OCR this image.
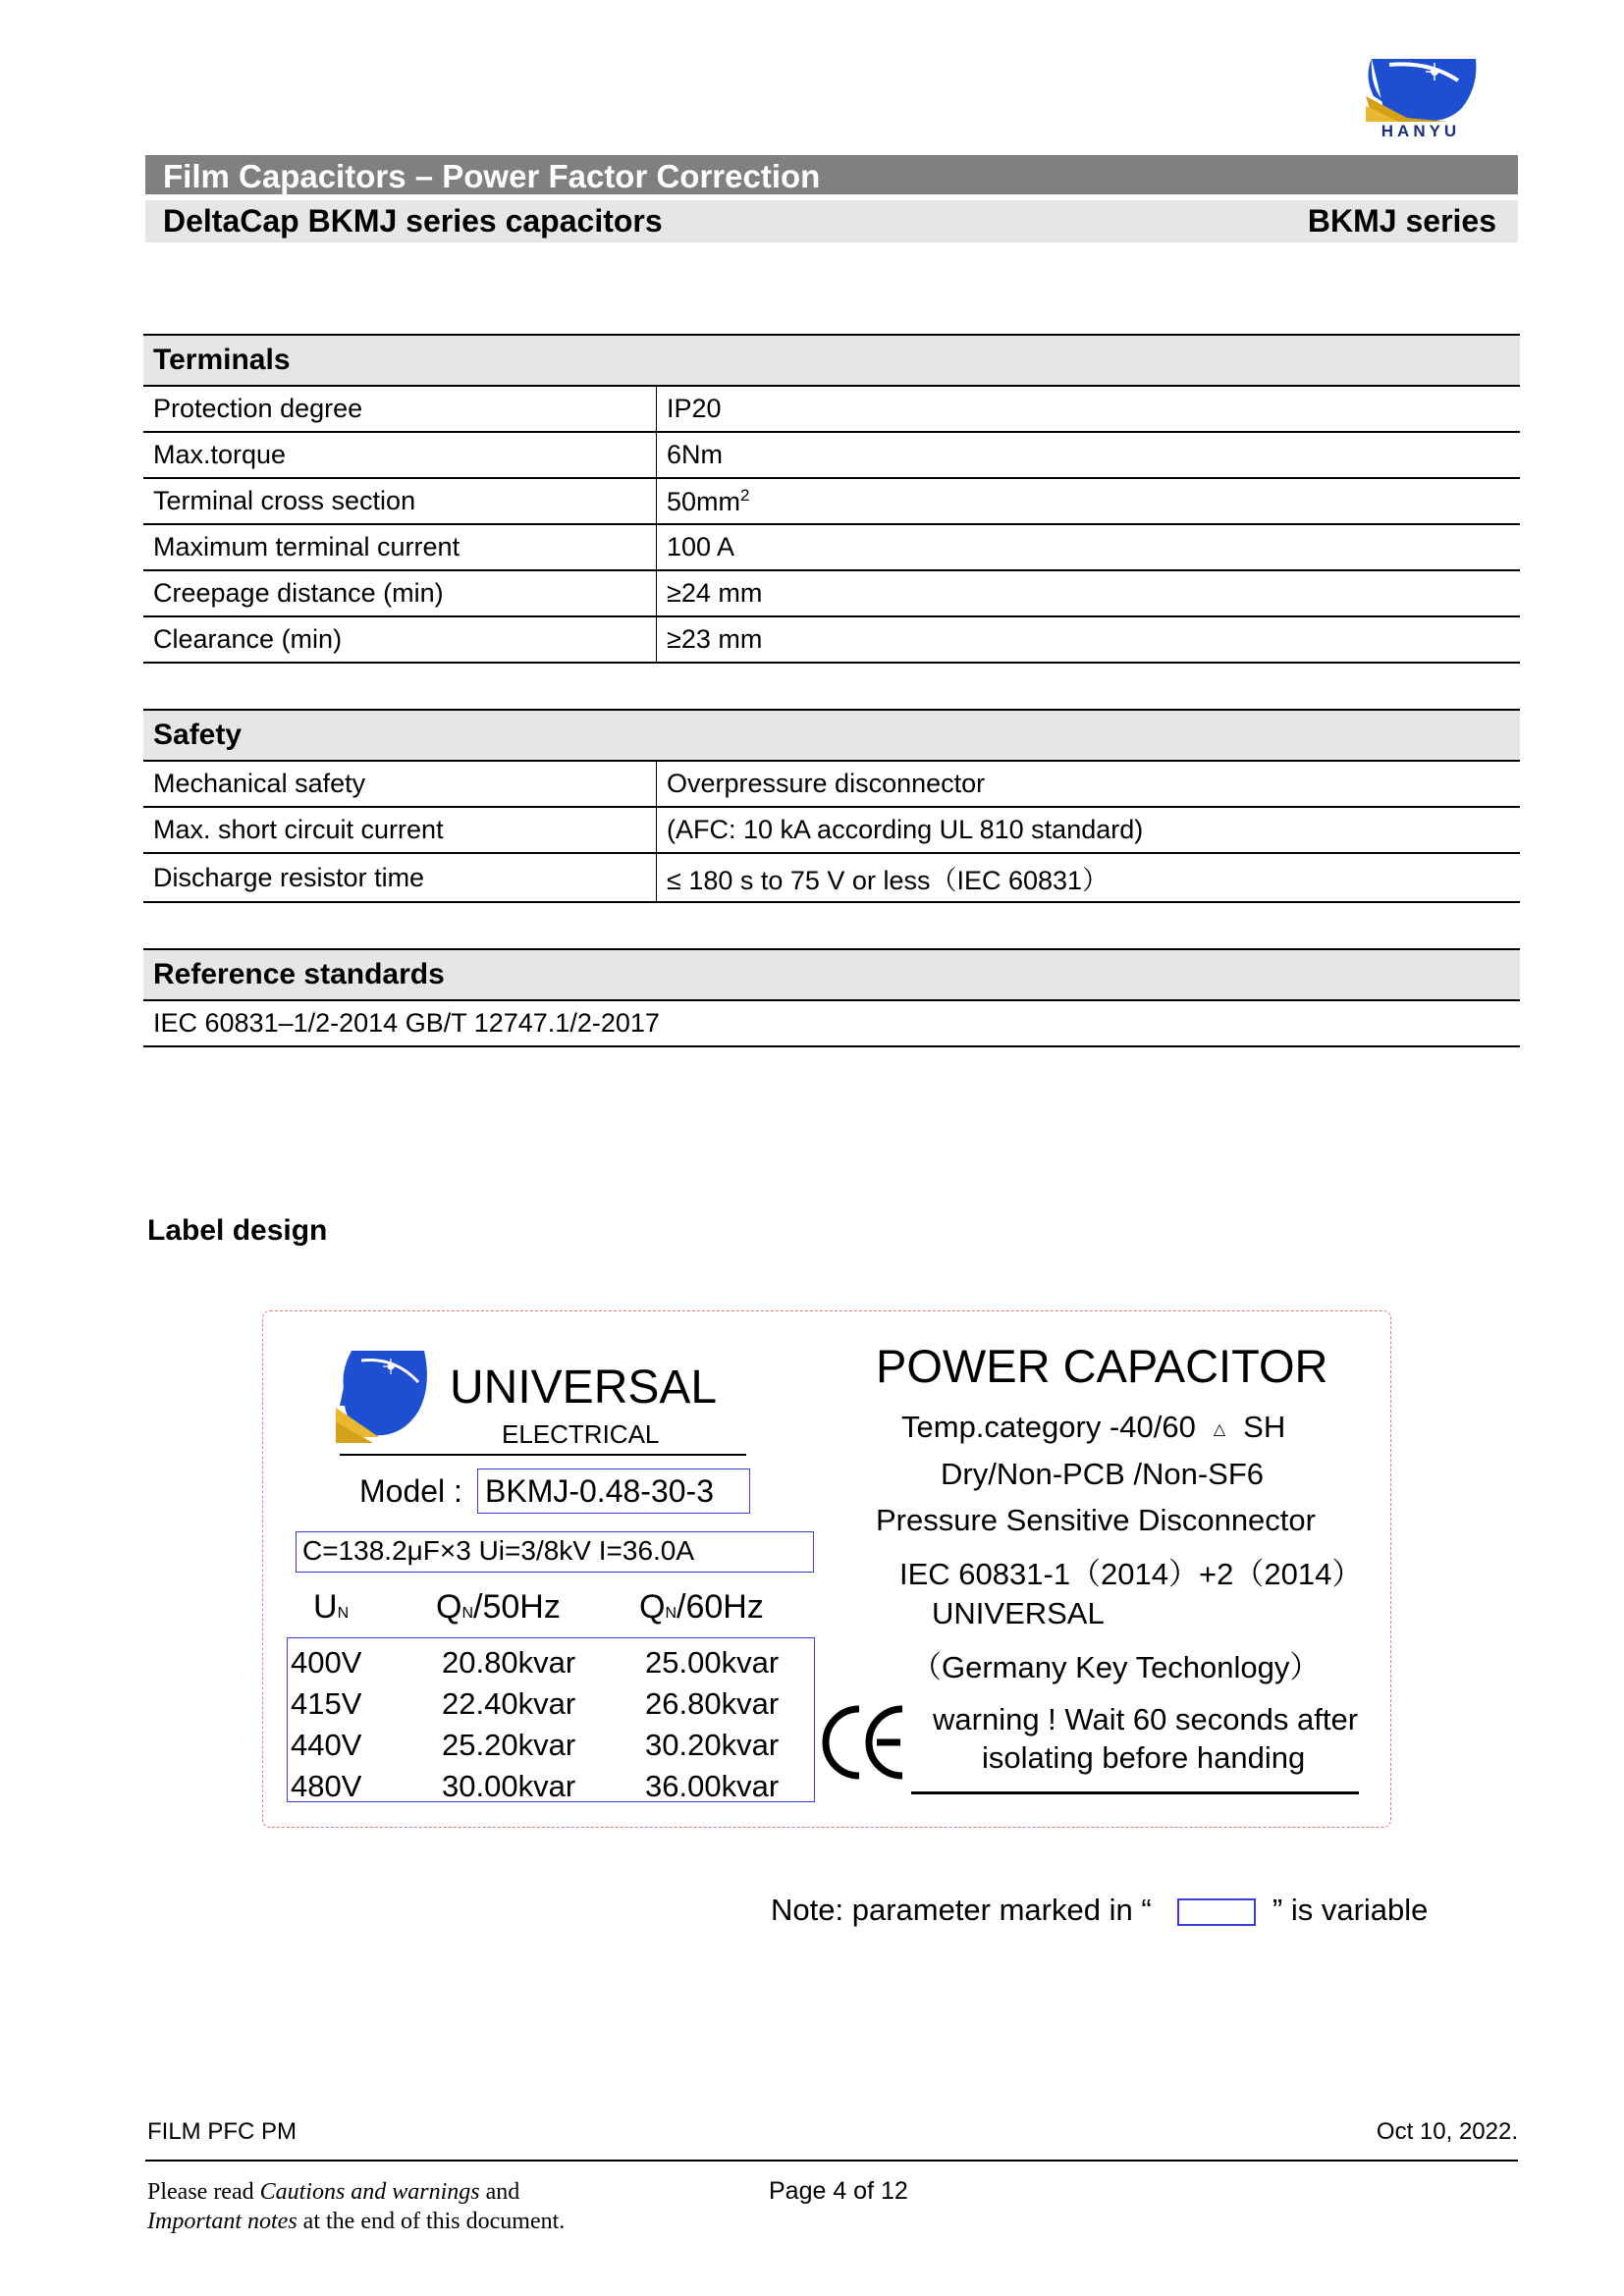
HANYU
Film Capacitors – Power Factor Correction
DeltaCap BKMJ series capacitors	BKMJ series
Terminals	
Protection degree	IP20
Max.torque	6Nm
Terminal cross section	$50mm^2$
Maximum terminal current	100 A
Creepage distance (min)	≥24 mm
Clearance (min)	≥23 mm
Safety	
Mechanical safety	Overpressure disconnector
Max. short circuit current	(AFC: 10 kA according UL 810 standard)
Discharge resistor time	≤ 180 s to 75 V or less（IEC 60831）
Reference standards
IEC 60831–1/2-2014 GB/T 12747.1/2-2017
Label design
UNIVERSAL
ELECTRICAL
Model : BKMJ-0.48-30-3
C=138.2μF×3 Ui=3/8kV I=36.0A
UN	QN/50Hz QN/60Hz
400V	20.80kvar 25.00kvar
415V	22.40kvar 26.80kvar
440V	25.20kvar 30.20kvar
480V	30.00kvar 36.00kvar
POWER CAPACITOR
Temp.category -40/60 △ SH
Dry/Non-PCB /Non-SF6
Pressure Sensitive Disconnector
IEC 60831-1（2014）+2（2014）
UNIVERSAL
（Germany Key Techonlogy）
warning ! Wait 60 seconds after
isolating before handing
Note: parameter marked in “	” is variable
FILM PFC PM	Oct 10, 2022.
Please read Cautions and warnings and
Important notes at the end of this document.
Page 4 of 12
